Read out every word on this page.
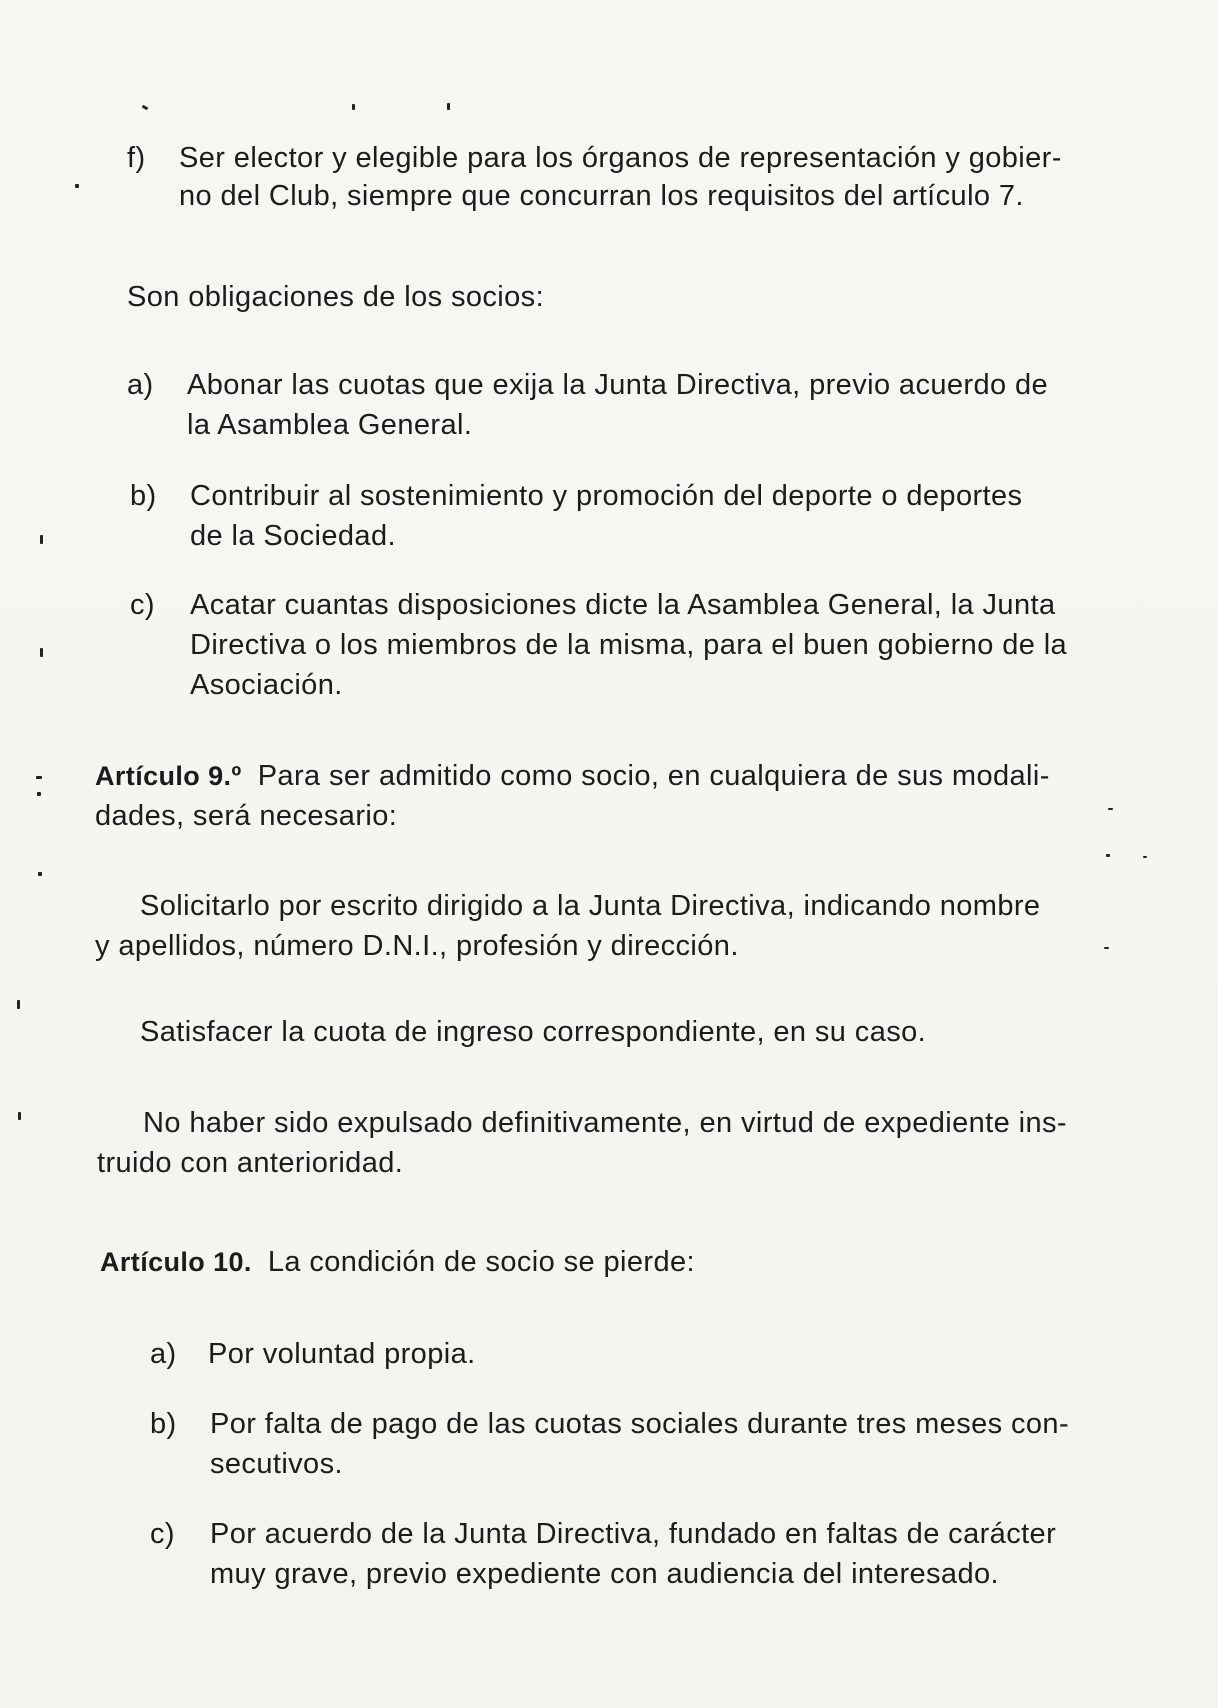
f)	Ser elector y elegible para los órganos de representación y gobier-
no del Club, siempre que concurran los requisitos del artículo 7.

Son obligaciones de los socios:

a)	Abonar las cuotas que exija la Junta Directiva, previo acuerdo de
la Asamblea General.
b)	Contribuir al sostenimiento y promoción del deporte o deportes
de la Sociedad.
c)	Acatar cuantas disposiciones dicte la Asamblea General, la Junta
Directiva o los miembros de la misma, para el buen gobierno de la
Asociación.

Artículo 9.º Para ser admitido como socio, en cualquiera de sus modali-

dades, será necesario:

Solicitarlo por escrito dirigido a la Junta Directiva, indicando nombre

y apellidos, número D.N.I., profesión y dirección.

Satisfacer la cuota de ingreso correspondiente, en su caso.

No haber sido expulsado definitivamente, en virtud de expediente ins-

truido con anterioridad.

Artículo 10. La condición de socio se pierde:

a)	Por voluntad propia.
b)	Por falta de pago de las cuotas sociales durante tres meses con-
secutivos.
c)	Por acuerdo de la Junta Directiva, fundado en faltas de carácter
muy grave, previo expediente con audiencia del interesado.
